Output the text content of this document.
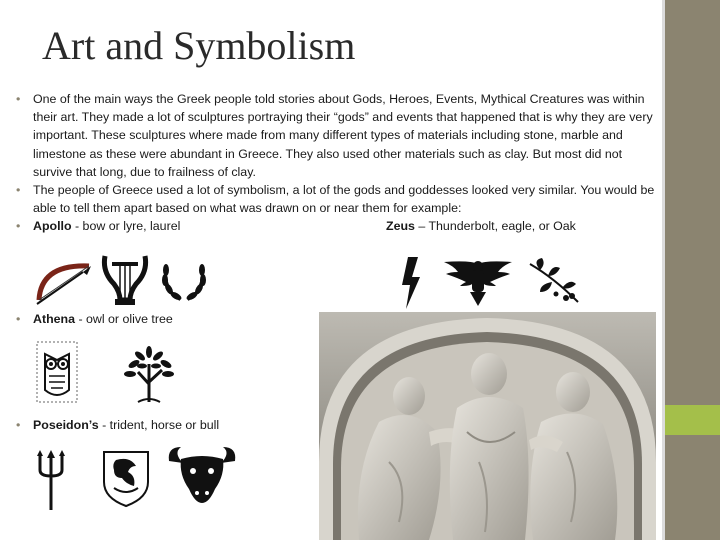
Art and Symbolism
• One of the main ways the Greek people told stories about Gods, Heroes, Events, Mythical Creatures was within their art. They made a lot of sculptures portraying their “gods” and events that happened that is why they are very important. These sculptures where made from many different types of materials including stone, marble and limestone as these were abundant in Greece. They also used other materials such as clay. But most did not survive that long, due to frailness of clay.
• The people of Greece used a lot of symbolism, a lot of the gods and goddesses looked very similar. You would be able to tell them apart based on what was drawn on or near them for example:
• Apollo - bow or lyre, laurel	Zeus – Thunderbolt, eagle, or Oak
• Athena - owl or olive tree
• Poseidon’s - trident, horse or bull
